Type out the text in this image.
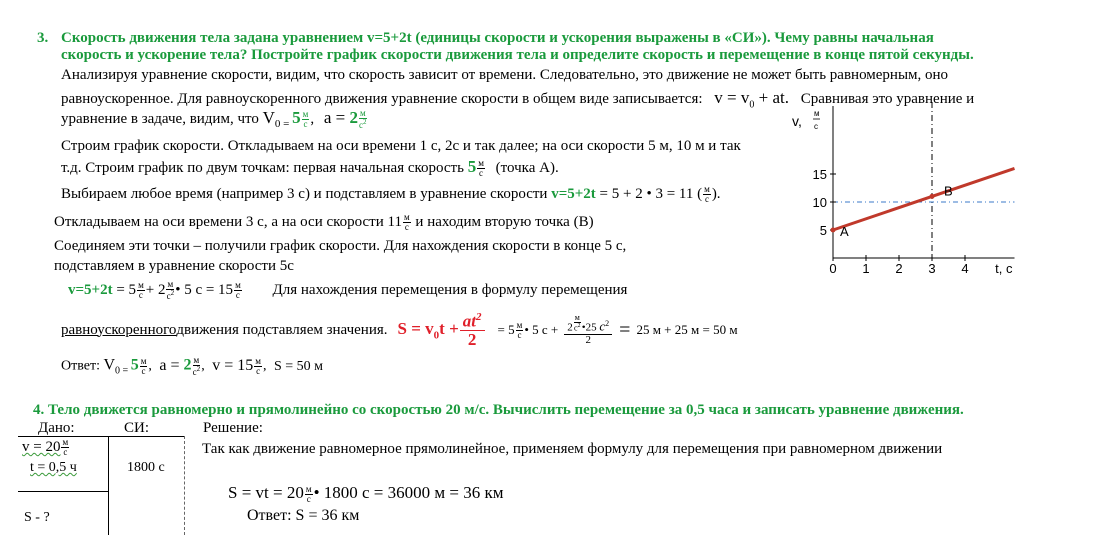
3. Скорость движения тела задана уравнением v=5+2t (единицы скорости и ускорения выражены в «СИ»). Чему равны начальная
скорость и ускорение тела? Постройте график скорости движения тела и определите скорость и перемещение в конце пятой секунды.
Анализируя уравнение скорости, видим, что скорость зависит от времени. Следовательно, это движение не может быть равномерным, оно
равноускоренное. Для равноускоренного движения уравнение скорости в общем виде записывается: $v = v_0$ + at. Сравнивая это уравнение и
уравнение в задаче, видим, что $V_{0 =}$ $5 \frac{м}{с}$ , $a = 2 \frac{м}{с^2}$
Строим график скорости. Откладываем на оси времени 1 с, 2с и так далее; на оси скорости 5 м, 10 м и так
т.д. Строим график по двум точкам: первая начальная скорость $5 \frac{м}{с}$ (точка А).
Выбираем любое время (например 3 с) и подставляем в уравнение скорости v=5+2t = 5 + 2 • 3 = 11 ( $\frac{м}{с}$ ).
Откладываем на оси времени 3 с, а на оси скорости $11 \frac{м}{с}$ и находим вторую точка (В)
Соединяем эти точки – получили график скорости. Для нахождения скорости в конце 5 с,
подставляем в уравнение скорости 5с
$v=5+2t = 5 \frac{м}{с} + 2 \frac{м}{с^2}$ • 5 $с = 15 \frac{м}{с}$ Для нахождения перемещения в формулу перемещения
равноускоренного движения подставляем значения. $S = v_0t + \frac{at^2}{2} = 5 \frac{м}{с}$ • 5 $с + \frac{2 \frac{м}{с^2} •25 c^2}{2} = 25$ м + 25 м = 50 м
Ответ: $V_{0 =}$ $5 \frac{м}{с}$ , $a = 2 \frac{м}{с^2}$ , $v = 15 \frac{м}{с}$ , S = 50 м
0 1 2 3 4 t, с
5
10
15
v, м
с
A
B
4. Тело движется равномерно и прямолинейно со скоростью 20 м/с. Вычислить перемещение за 0,5 часа и записать уравнение движения.
Дано:	СИ:	Решение:
$v = 20 \frac{м}{с}$
t = 0,5 ч	1800 с
S - ?
Так как движение равномерное прямолинейное, применяем формулу для перемещения при равномерном движении
S = vt = $20 \frac{м}{с}$ • 1800 с = 36000 м = 36 км
Ответ: S = 36 км
